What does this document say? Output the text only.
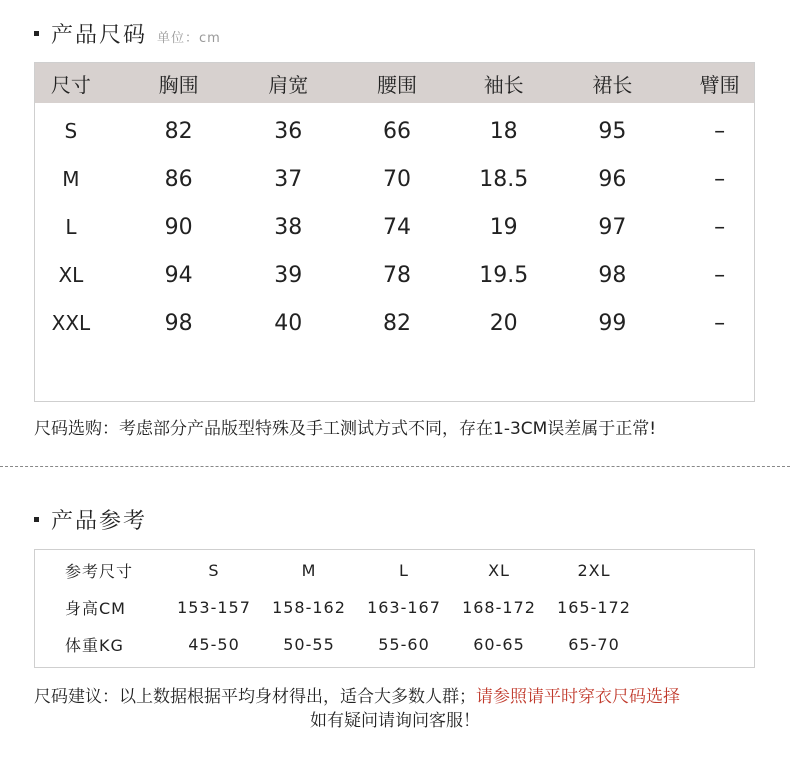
产品尺码 单位：cm
尺寸	胸围	肩宽	腰围	袖长	裙长	臂围
S	82	36	66	18	95	–
M	86	37	70	18.5	96	–
L	90	38	74	19	97	–
XL	94	39	78	19.5	98	–
XXL	98	40	82	20	99	–
尺码选购：考虑部分产品版型特殊及手工测试方式不同，存在1-3CM误差属于正常!
产品参考
参考尺寸	S	M	L	XL	2XL
身高CM	153-157	158-162	163-167	168-172	165-172
体重KG	45-50	50-55	55-60	60-65	65-70
尺码建议：以上数据根据平均身材得出，适合大多数人群；请参照请平时穿衣尺码选择
如有疑问请询问客服！
